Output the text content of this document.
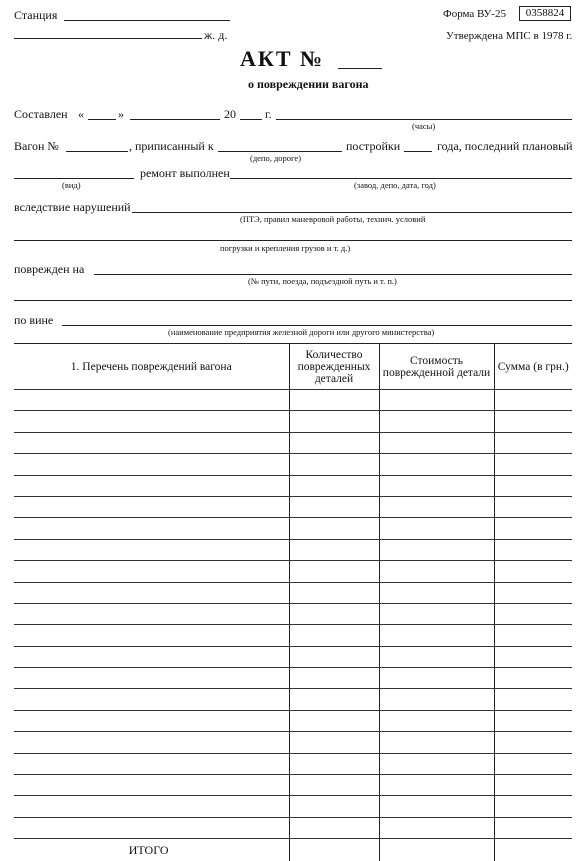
Станция
ж. д.
Форма ВУ-25	0358824
Утверждена МПС в 1978 г.
АКТ №
о повреждении вагона
Составлен «	»	20 г.
(часы)
Вагон №	, приписанный к
(депо, дороге)
постройки	года, последний плановый
(вид)
ремонт выполнен
(завод, депо, дата, год)
вследствие нарушений
(ПТЭ, правил маневровой работы, технич. условий
погрузки и крепления грузов и т. д.)
поврежден на
(№ пути, поезда, подъездной путь и т. п.)
по вине
(наименование предприятия железной дороги или другого министерства)
1. Перечень повреждений вагона	Количество поврежденных деталей	Стоимость поврежденной детали	Сумма (в грн.)

ИТОГО			
